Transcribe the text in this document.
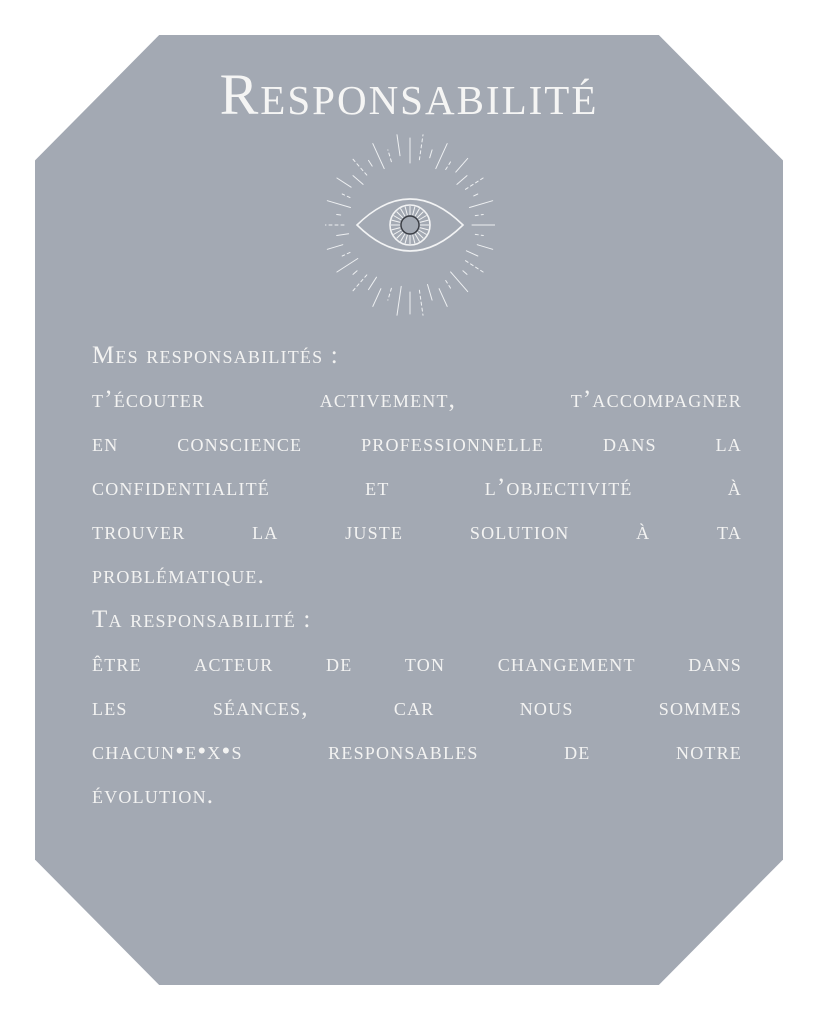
Responsabilité
Mes responsabilités :
t’écouter activement, t’accompagner
en conscience professionnelle dans la
confidentialité et l’objectivité à
trouver la juste solution à ta
problématique.
Ta responsabilité :
être acteur de ton changement dans
les séances, car nous sommes
chacun•e•x•s responsables de notre
évolution.
